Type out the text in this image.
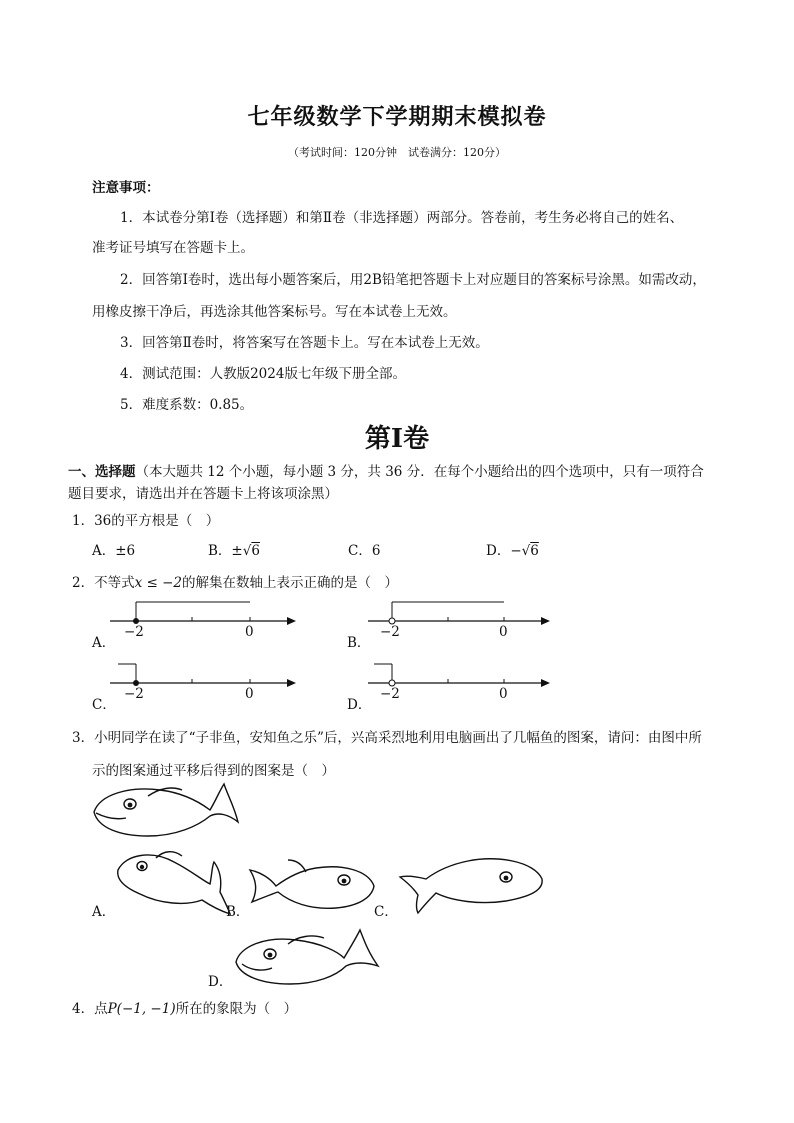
七年级数学下学期期末模拟卷
（考试时间：120分钟　试卷满分：120分）
注意事项：
1．本试卷分第Ⅰ卷（选择题）和第Ⅱ卷（非选择题）两部分。答卷前，考生务必将自己的姓名、
准考证号填写在答题卡上。
2．回答第Ⅰ卷时，选出每小题答案后，用2B铅笔把答题卡上对应题目的答案标号涂黑。如需改动，
用橡皮擦干净后，再选涂其他答案标号。写在本试卷上无效。
3．回答第Ⅱ卷时，将答案写在答题卡上。写在本试卷上无效。
4．测试范围：人教版2024版七年级下册全部。
5．难度系数：0.85。
第Ⅰ卷
一、选择题（本大题共 12 个小题，每小题 3 分，共 36 分．在每个小题给出的四个选项中，只有一项符合
题目要求，请选出并在答题卡上将该项涂黑）
1．36的平方根是（　）
A．±6	B．±√6	C．6	D．−√6
2．不等式x ≤ −2的解集在数轴上表示正确的是（　）
A．
−2	0
B．
−2	0
C．
−2	0
D．
−2	0
3．小明同学在读了“子非鱼，安知鱼之乐”后，兴高采烈地利用电脑画出了几幅鱼的图案，请问：由图中所
示的图案通过平移后得到的图案是（　）
A．	B．	C．
D．
4．点P(−1, −1)所在的象限为（　）
